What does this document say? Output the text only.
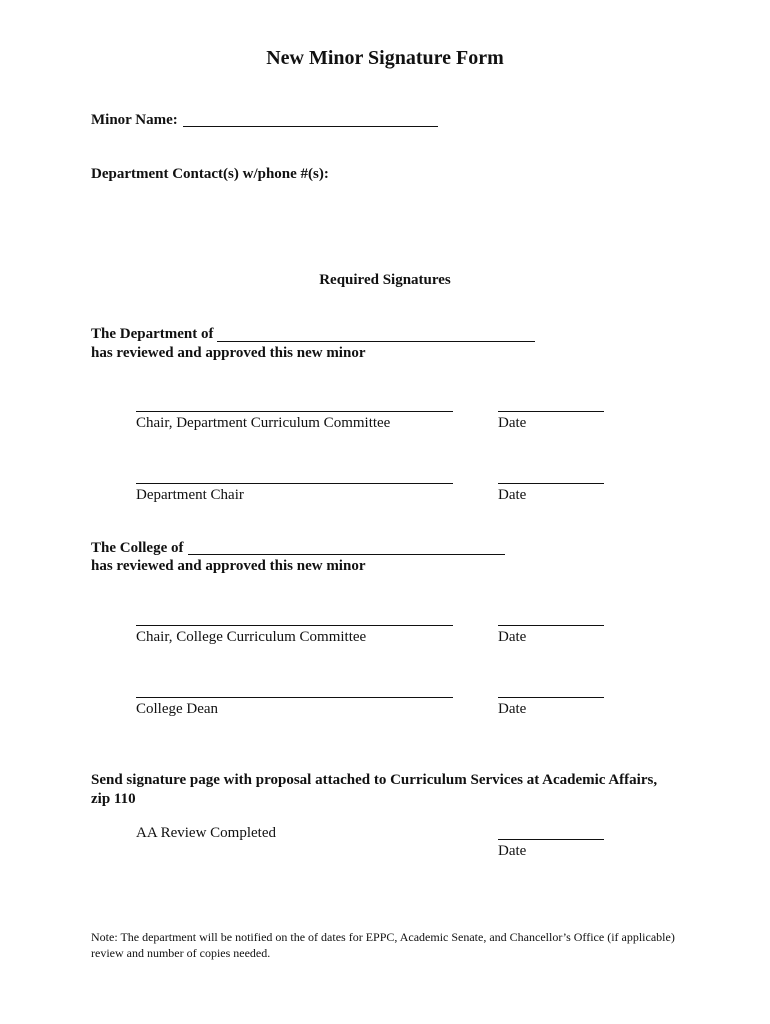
New Minor Signature Form
Minor Name:
Department Contact(s) w/phone #(s):
Required Signatures
The Department of
has reviewed and approved this new minor
Chair, Department Curriculum Committee	Date
Department Chair	Date
The College of
has reviewed and approved this new minor
Chair, College Curriculum Committee	Date
College Dean	Date
Send signature page with proposal attached to Curriculum Services at Academic Affairs,
zip 110
AA Review Completed
Date
Note: The department will be notified on the of dates for EPPC, Academic Senate, and Chancellor’s Office (if applicable) review and number of copies needed.
